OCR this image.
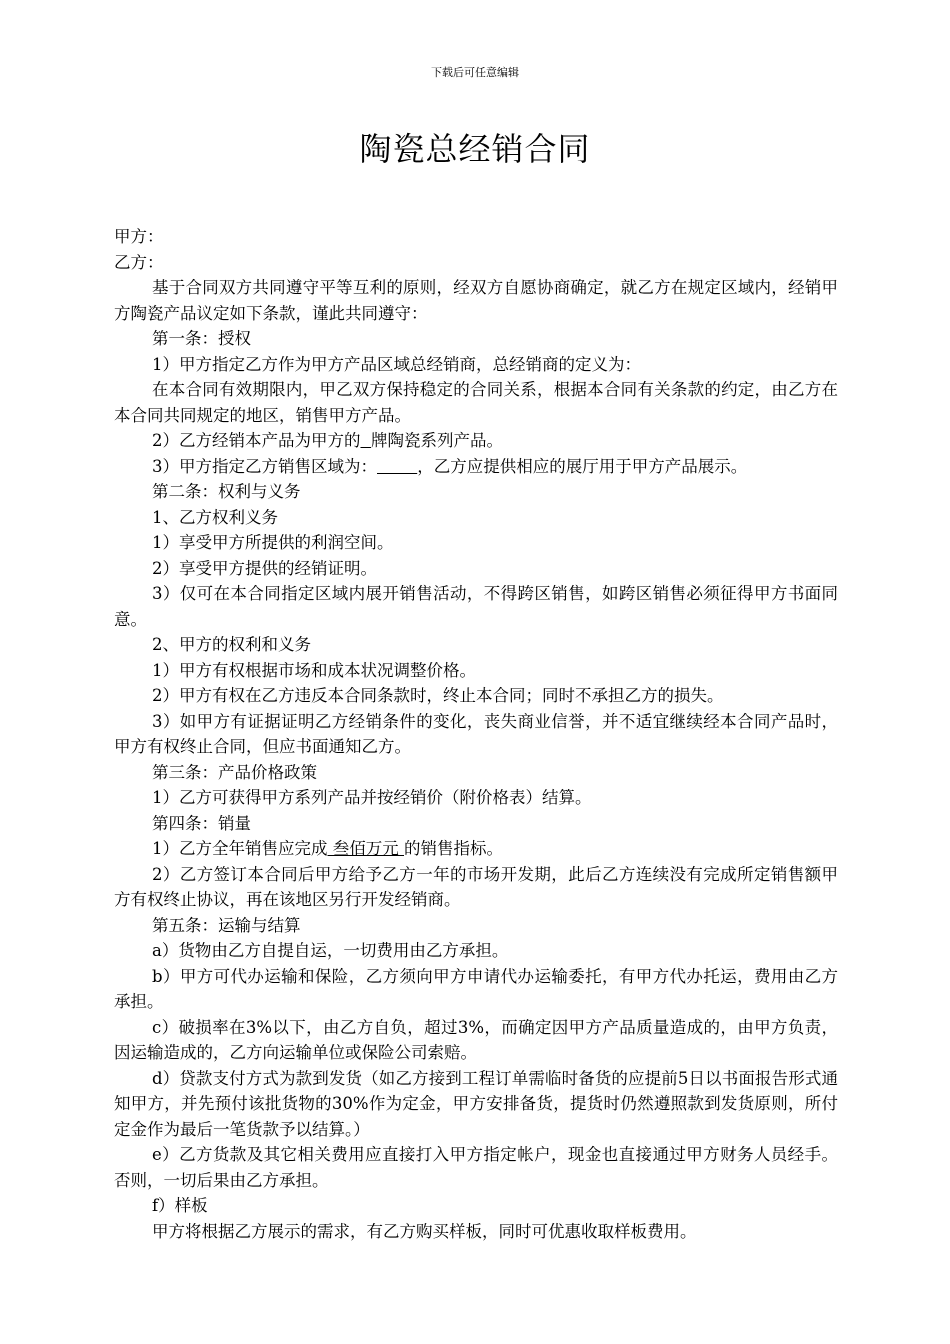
下载后可任意编辑
陶瓷总经销合同

甲方：

乙方：

基于合同双方共同遵守平等互利的原则，经双方自愿协商确定，就乙方在规定区域内，经销甲方陶瓷产品议定如下条款，谨此共同遵守：

第一条：授权

1）甲方指定乙方作为甲方产品区域总经销商，总经销商的定义为：

在本合同有效期限内，甲乙双方保持稳定的合同关系，根据本合同有关条款的约定，由乙方在本合同共同规定的地区，销售甲方产品。

2）乙方经销本产品为甲方的 牌陶瓷系列产品。

3）甲方指定乙方销售区域为： ，乙方应提供相应的展厅用于甲方产品展示。

第二条：权利与义务

1、乙方权利义务

1）享受甲方所提供的利润空间。

2）享受甲方提供的经销证明。

3）仅可在本合同指定区域内展开销售活动，不得跨区销售，如跨区销售必须征得甲方书面同意。

2、甲方的权利和义务

1）甲方有权根据市场和成本状况调整价格。

2）甲方有权在乙方违反本合同条款时，终止本合同；同时不承担乙方的损失。

3）如甲方有证据证明乙方经销条件的变化，丧失商业信誉，并不适宜继续经本合同产品时，甲方有权终止合同，但应书面通知乙方。

第三条：产品价格政策

1）乙方可获得甲方系列产品并按经销价（附价格表）结算。

第四条：销量

1）乙方全年销售应完成 叁佰万元 的销售指标。

2）乙方签订本合同后甲方给予乙方一年的市场开发期，此后乙方连续没有完成所定销售额甲方有权终止协议，再在该地区另行开发经销商。

第五条：运输与结算

a）货物由乙方自提自运，一切费用由乙方承担。

b）甲方可代办运输和保险，乙方须向甲方申请代办运输委托，有甲方代办托运，费用由乙方承担。

c）破损率在3%以下，由乙方自负，超过3%，而确定因甲方产品质量造成的，由甲方负责，因运输造成的，乙方向运输单位或保险公司索赔。

d）贷款支付方式为款到发货（如乙方接到工程订单需临时备货的应提前5日以书面报告形式通知甲方，并先预付该批货物的30%作为定金，甲方安排备货，提货时仍然遵照款到发货原则，所付定金作为最后一笔货款予以结算。）

e）乙方货款及其它相关费用应直接打入甲方指定帐户，现金也直接通过甲方财务人员经手。否则，一切后果由乙方承担。

f）样板

甲方将根据乙方展示的需求，有乙方购买样板，同时可优惠收取样板费用。
